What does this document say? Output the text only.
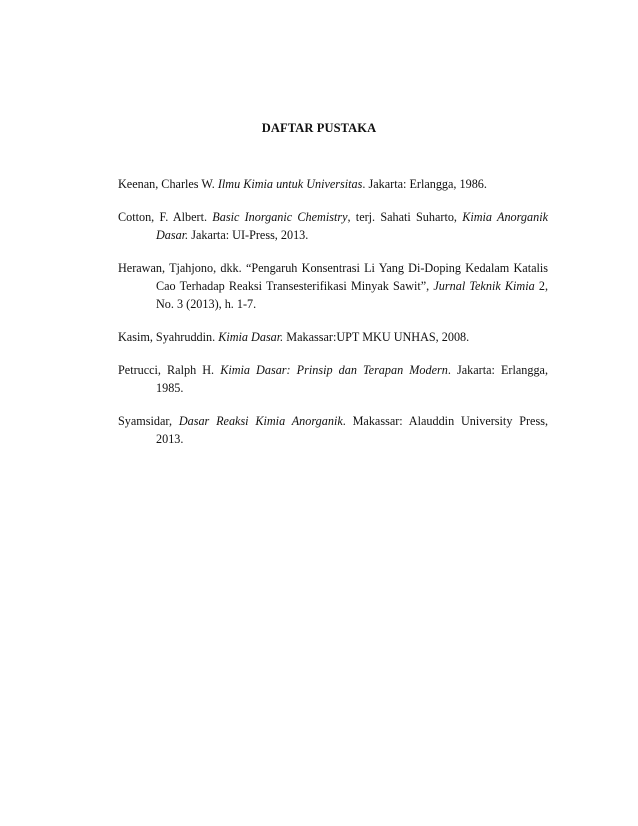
DAFTAR PUSTAKA
Keenan, Charles W. Ilmu Kimia untuk Universitas. Jakarta: Erlangga, 1986.
Cotton, F. Albert. Basic Inorganic Chemistry, terj. Sahati Suharto, Kimia Anorganik Dasar. Jakarta: UI-Press, 2013.
Herawan, Tjahjono, dkk. “Pengaruh Konsentrasi Li Yang Di-Doping Kedalam Katalis Cao Terhadap Reaksi Transesterifikasi Minyak Sawit”, Jurnal Teknik Kimia 2, No. 3 (2013), h. 1-7.
Kasim, Syahruddin. Kimia Dasar. Makassar:UPT MKU UNHAS, 2008.
Petrucci, Ralph H. Kimia Dasar: Prinsip dan Terapan Modern. Jakarta: Erlangga, 1985.
Syamsidar, Dasar Reaksi Kimia Anorganik. Makassar: Alauddin University Press, 2013.
